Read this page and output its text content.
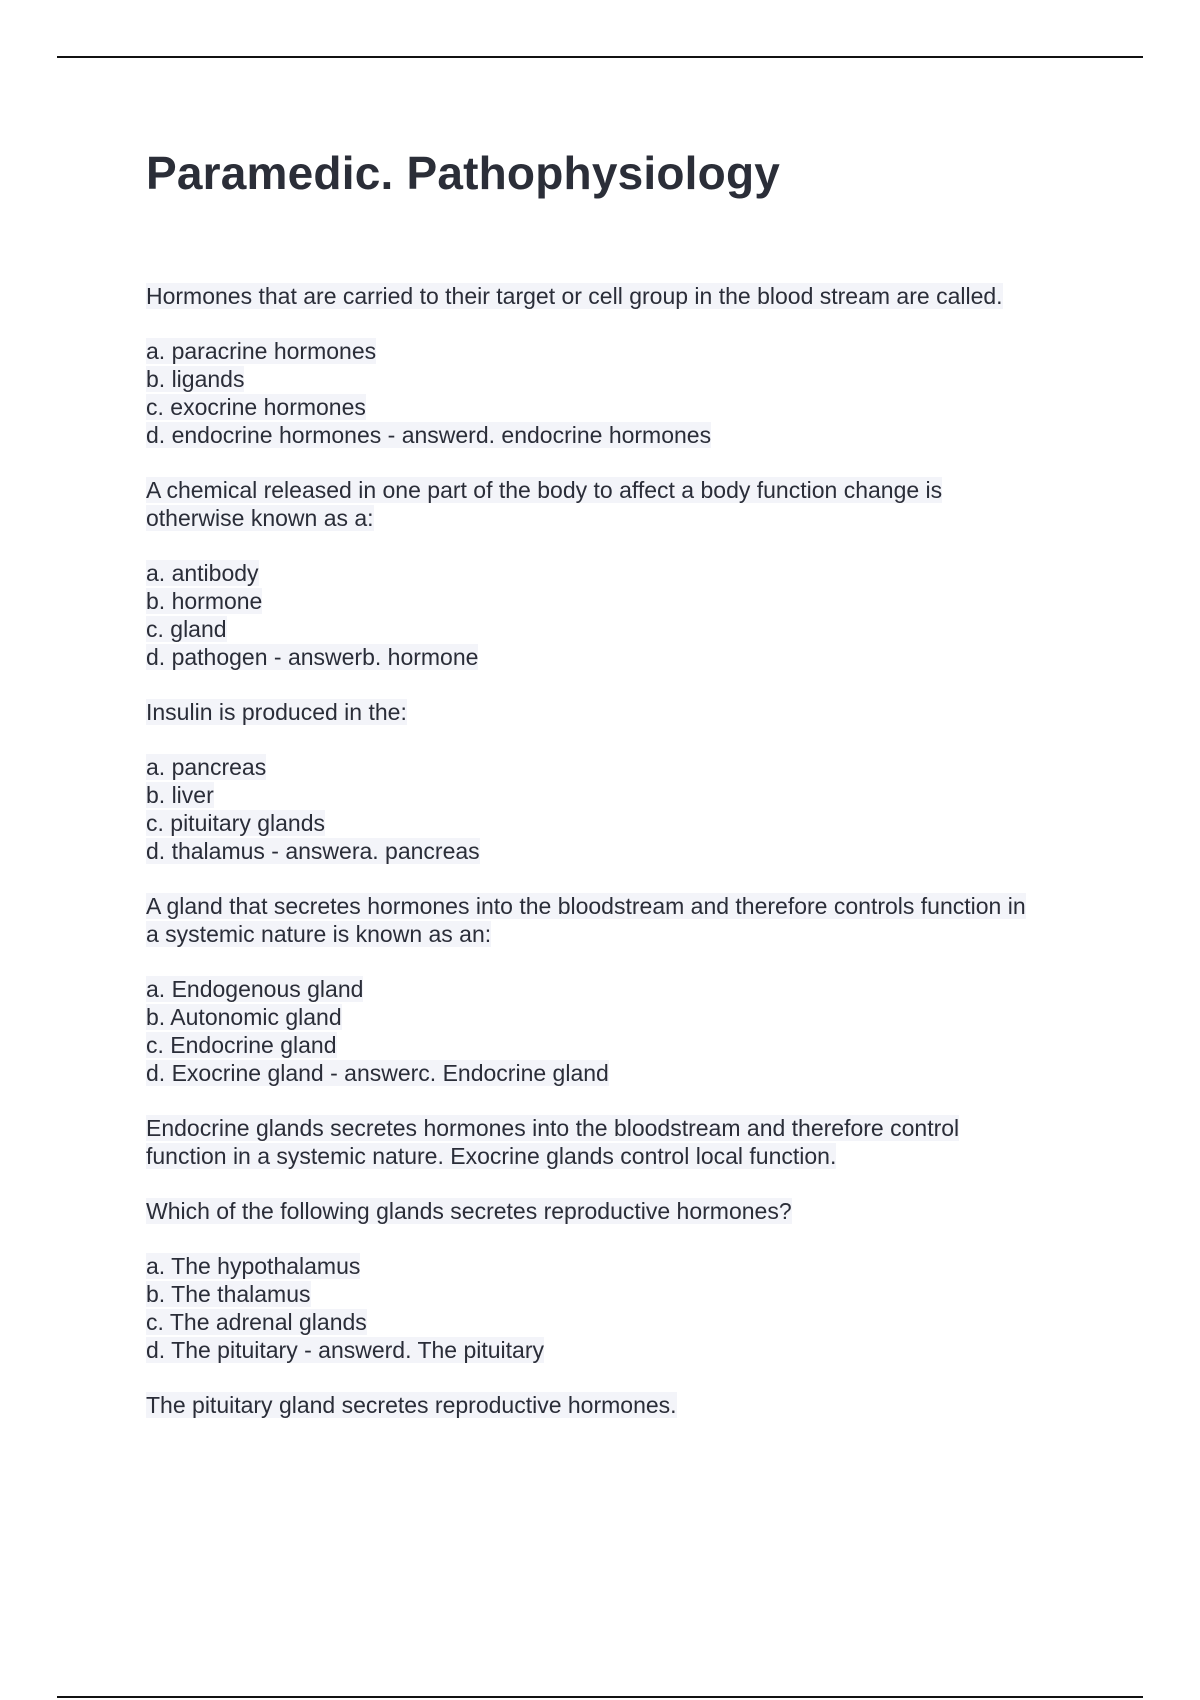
Paramedic. Pathophysiology

Hormones that are carried to their target or cell group in the blood stream are called.

a. paracrine hormones
b. ligands
c. exocrine hormones
d. endocrine hormones - answerd. endocrine hormones

A chemical released in one part of the body to affect a body function change is
otherwise known as a:

a. antibody
b. hormone
c. gland
d. pathogen - answerb. hormone

Insulin is produced in the:

a. pancreas
b. liver
c. pituitary glands
d. thalamus - answera. pancreas

A gland that secretes hormones into the bloodstream and therefore controls function in
a systemic nature is known as an:

a. Endogenous gland
b. Autonomic gland
c. Endocrine gland
d. Exocrine gland - answerc. Endocrine gland

Endocrine glands secretes hormones into the bloodstream and therefore control
function in a systemic nature. Exocrine glands control local function.

Which of the following glands secretes reproductive hormones?

a. The hypothalamus
b. The thalamus
c. The adrenal glands
d. The pituitary - answerd. The pituitary

The pituitary gland secretes reproductive hormones.
